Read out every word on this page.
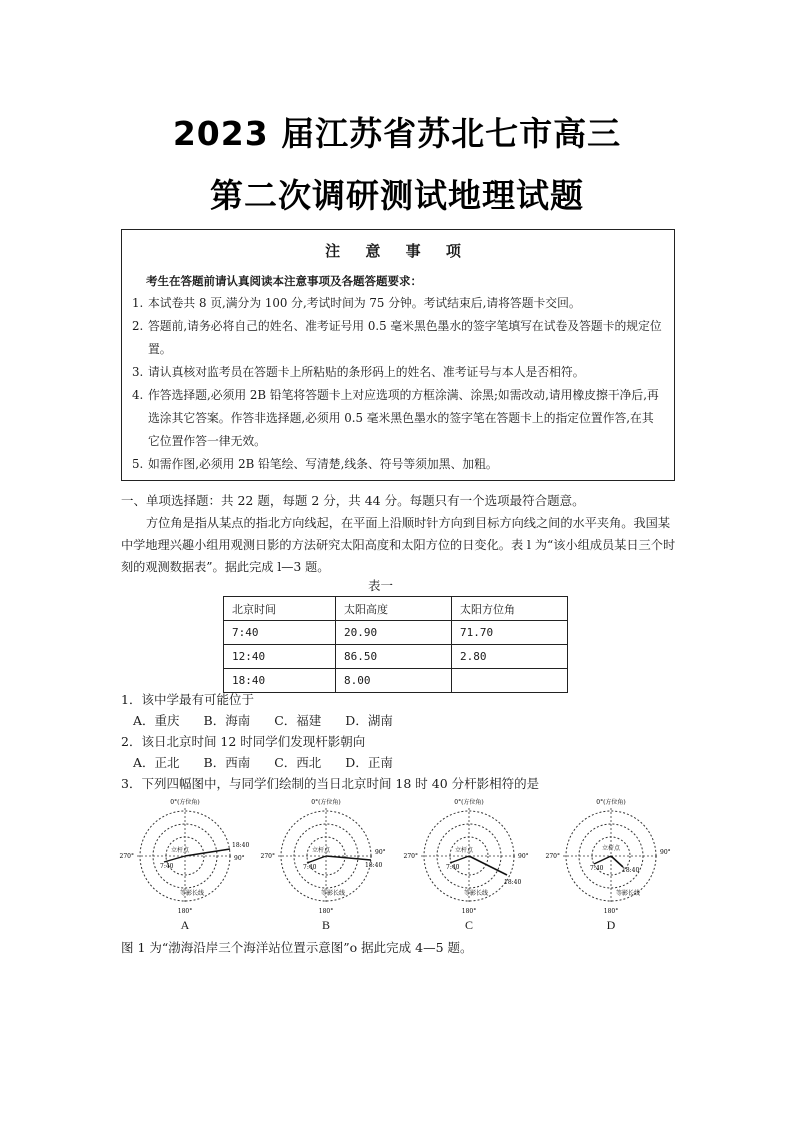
2023 届江苏省苏北七市高三
第二次调研测试地理试题
注 意 事 项
考生在答题前请认真阅读本注意事项及各题答题要求：
1. 本试卷共 8 页,满分为 100 分,考试时间为 75 分钟。考试结束后,请将答题卡交回。
2. 答题前,请务必将自己的姓名、准考证号用 0.5 毫米黑色墨水的签字笔填写在试卷及答题卡的规定位置。
3. 请认真核对监考员在答题卡上所粘贴的条形码上的姓名、准考证号与本人是否相符。
4. 作答选择题,必须用 2B 铅笔将答题卡上对应选项的方框涂满、涂黑;如需改动,请用橡皮擦干净后,再选涂其它答案。作答非选择题,必须用 0.5 毫米黑色墨水的签字笔在答题卡上的指定位置作答,在其它位置作答一律无效。
5. 如需作图,必须用 2B 铅笔绘、写清楚,线条、符号等须加黑、加粗。
一、单项选择题：共 22 题，每题 2 分，共 44 分。每题只有一个选项最符合题意。
方位角是指从某点的指北方向线起，在平面上沿顺时针方向到目标方向线之间的水平夹角。我国某中学地理兴趣小组用观测日影的方法研究太阳高度和太阳方位的日变化。表 l 为“该小组成员某日三个时刻的观测数据表”。据此完成 l—3 题。
表一
北京时间	太阳高度	太阳方位角
7:40	20.90	71.70
12:40	86.50	2.80
18:40	8.00	
1．该中学最有可能位于
A．重庆 B．海南 C．福建 D．湖南
2．该日北京时间 12 时同学们发现杆影朝向
A．正北 B．西南 C．西北 D．正南
3．下列四幅图中，与同学们绘制的当日北京时间 18 时 40 分杆影相符的是
0°(方位角)
180°
270°	90°
立杆点
7:40
18:40
等影长线
0°(方位角)
180°
270°
90°
立杆点
7:40	18:40
等影长线
0°(方位角)
180°
270°	90°
立杆点
7:40
18:40
等影长线
0°(方位角)
180°
270°
90°
立杆点
7:40	18:40
等影长线
A	B	C	D
图 1 为“渤海沿岸三个海洋站位置示意图”o 据此完成 4—5 题。
